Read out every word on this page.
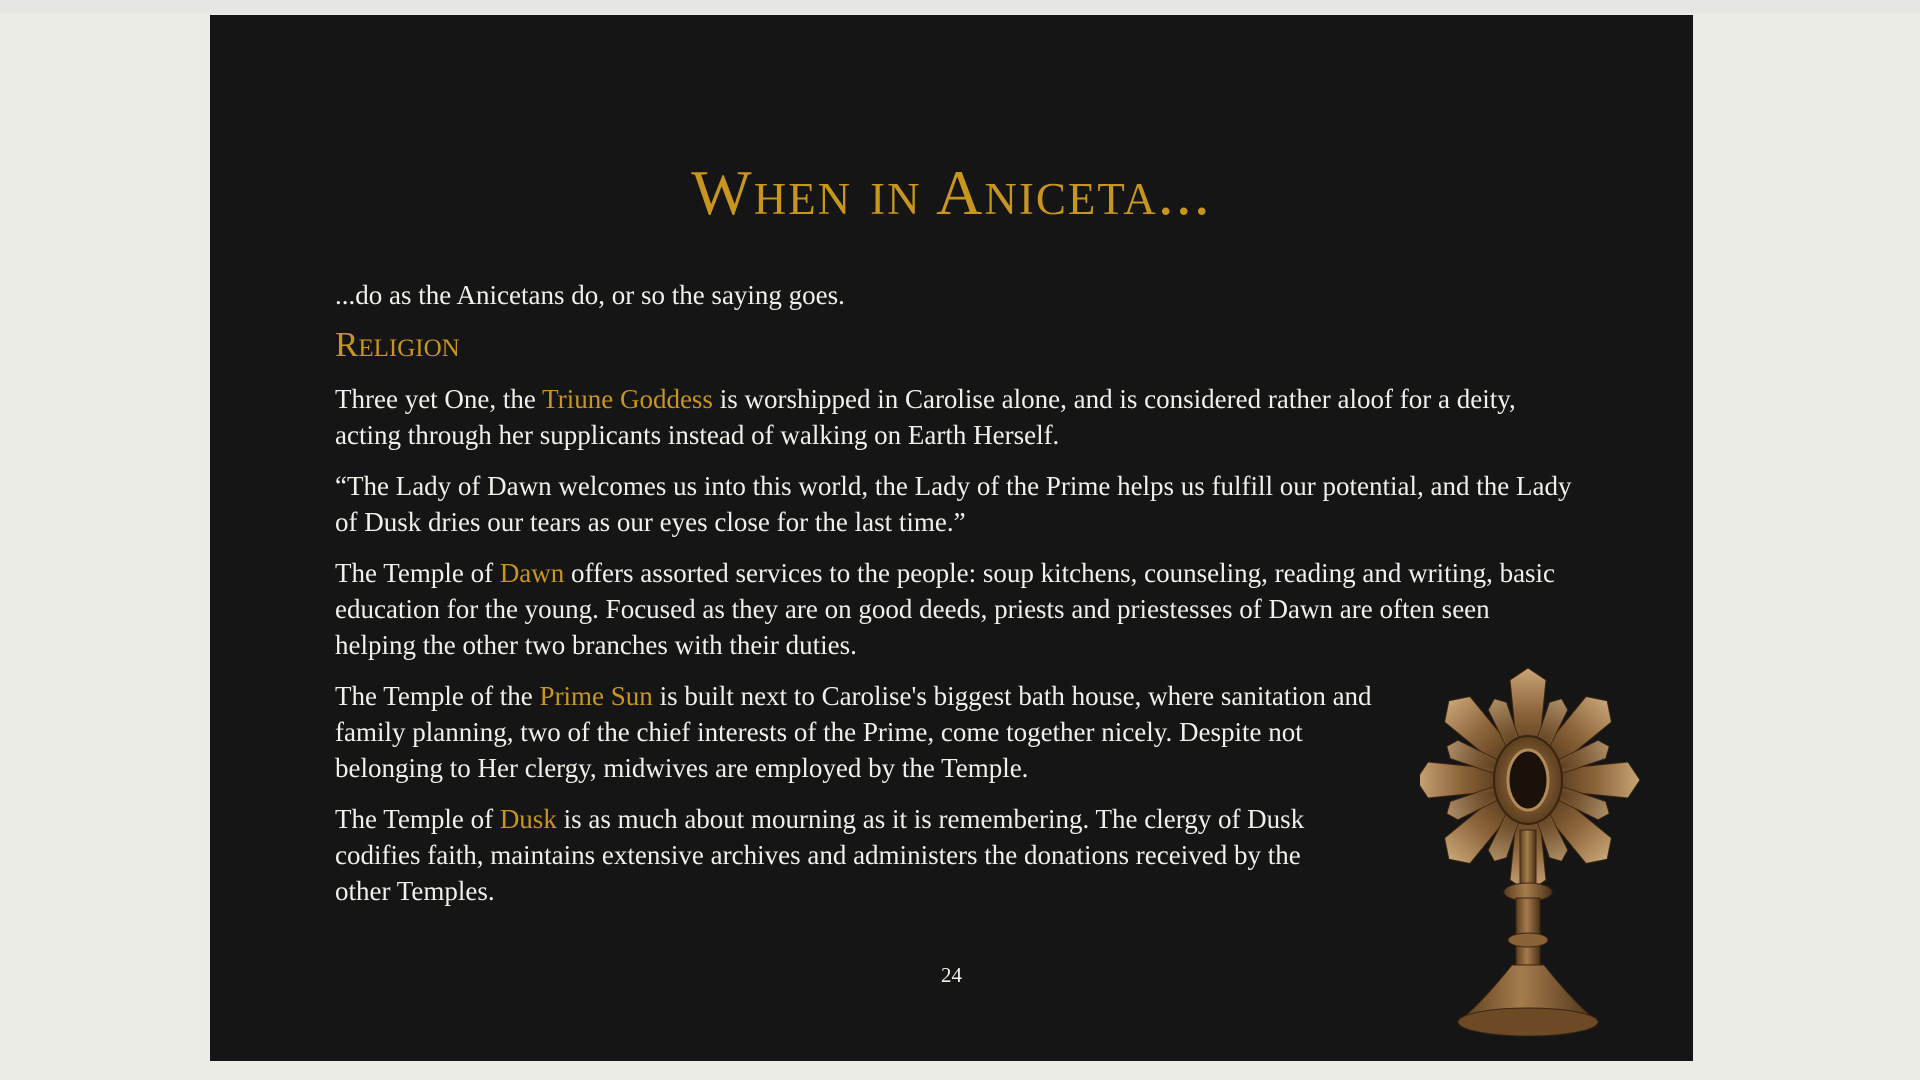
When in Aniceta...

...do as the Anicetans do, or so the saying goes.

Religion

Three yet One, the Triune Goddess is worshipped in Carolise alone, and is considered rather aloof for a deity, acting through her supplicants instead of walking on Earth Herself.

“The Lady of Dawn welcomes us into this world, the Lady of the Prime helps us fulfill our potential, and the Lady of Dusk dries our tears as our eyes close for the last time.”

The Temple of Dawn offers assorted services to the people: soup kitchens, counseling, reading and writing, basic education for the young. Focused as they are on good deeds, priests and priestesses of Dawn are often seen helping the other two branches with their duties.

The Temple of the Prime Sun is built next to Carolise's biggest bath house, where sanitation and family planning, two of the chief interests of the Prime, come together nicely. Despite not belonging to Her clergy, midwives are employed by the Temple.

The Temple of Dusk is as much about mourning as it is remembering. The clergy of Dusk codifies faith, maintains extensive archives and administers the donations received by the other Temples.

24
